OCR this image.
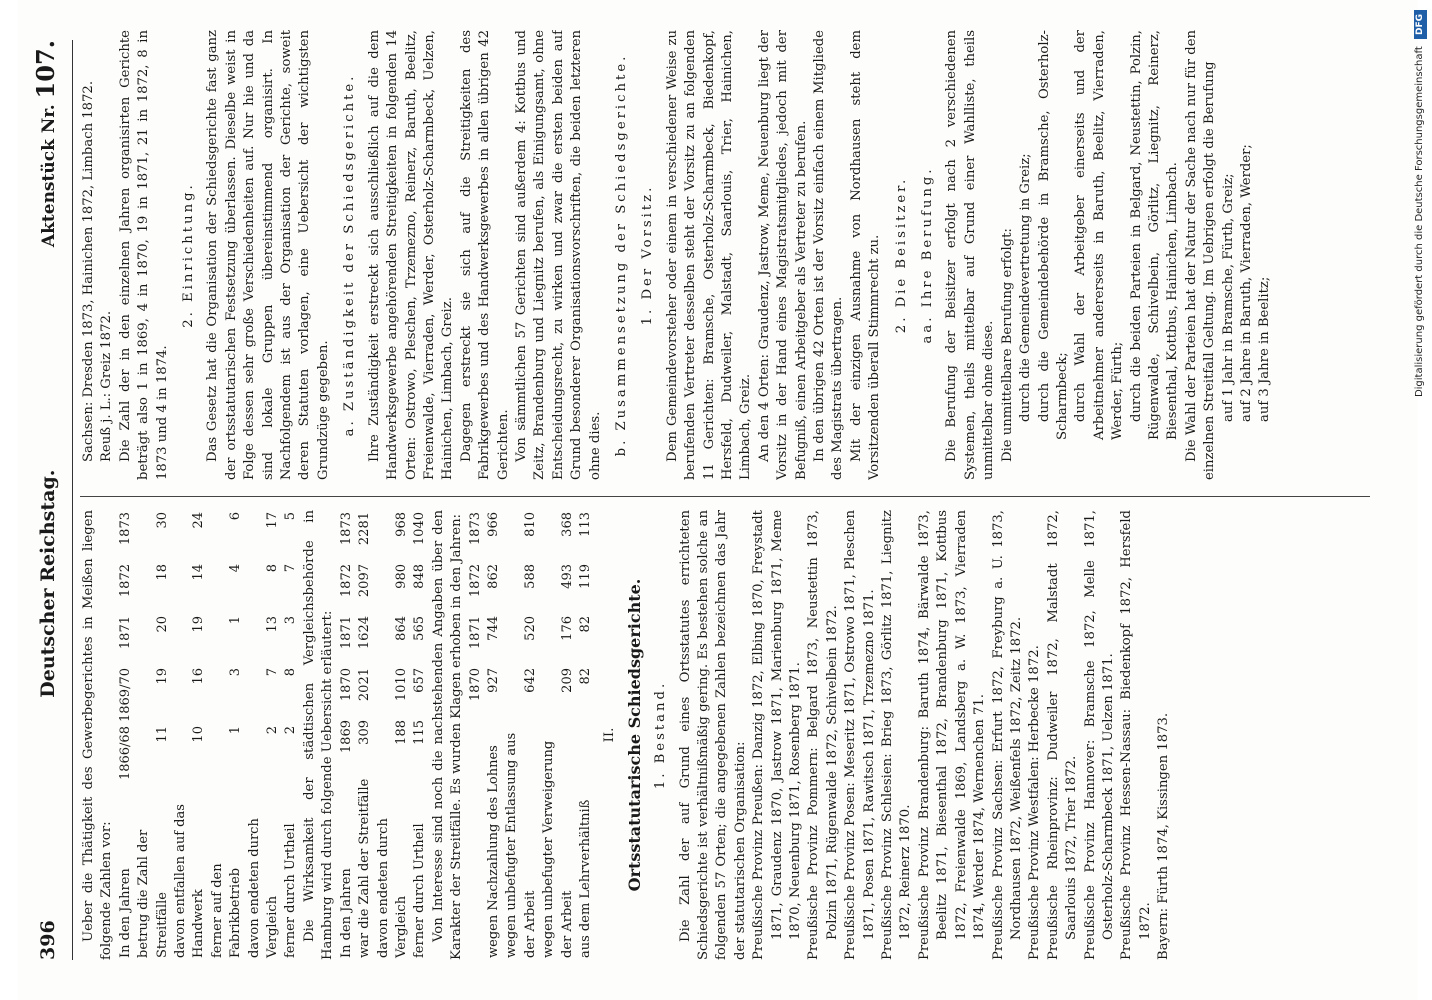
396
Deutscher Reichstag.
Aktenstück Nr. 107.

Ueber die Thätigkeit des Gewerbegerichtes in Meißen liegen folgende Zahlen vor: In den Jahren	1866/68	1869/70	1871	1872	1873
betrug die Zahl der Streitfälle	11	19	20	18	30
davon entfallen auf das Handwerk	10	16	19	14	24
ferner auf den Fabrikbetrieb	1	3	1	4	6
davon endeten durch Vergleich	2	7	13	8	17
ferner durch Urtheil	2	8	3	7	5 Die Wirksamkeit der städtischen Vergleichsbehörde in Hamburg wird durch folgende Uebersicht erläutert: In den Jahren	1869	1870	1871	1872	1873
war die Zahl der Streitfälle	309	2021	1624	2097	2281
davon endeten durch Vergleich	188	1010	864	980	968
ferner durch Urtheil	115	657	565	848	1040 Von Interesse sind noch die nachstehenden Angaben über den Karakter der Streitfälle. Es wurden Klagen erhoben in den Jahren:

	1870	1871	1872	1873
wegen Nachzahlung des Lohnes	927	744	862	966
wegen unbefugter Entlassung aus der Arbeit	642	520	588	810
wegen unbefugter Verweigerung der Arbeit	209	176	493	368
aus dem Lehrverhältniß	82	82	119	113
II. Ortsstatutarische Schiedsgerichte. 1. Bestand. Die Zahl der auf Grund eines Ortsstatutes errichteten Schiedsgerichte ist verhältnißmäßig gering. Es bestehen solche an folgenden 57 Orten; die angegebenen Zahlen bezeichnen das Jahr der statutarischen Organisation: Preußische Provinz Preußen: Danzig 1872, Elbing 1870, Freystadt 1871, Graudenz 1870, Jastrow 1871, Marienburg 1871, Meme 1870, Neuenburg 1871, Rosenberg 1871. Preußische Provinz Pommern: Belgard 1873, Neustettin 1873, Polzin 1871, Rügenwalde 1872, Schivelbein 1872. Preußische Provinz Posen: Meseritz 1871, Ostrowo 1871, Pleschen 1871, Posen 1871, Rawitsch 1871, Trzemezno 1871. Preußische Provinz Schlesien: Brieg 1873, Görlitz 1871, Liegnitz 1872, Reinerz 1870. Preußische Provinz Brandenburg: Baruth 1874, Bärwalde 1873, Beelitz 1871, Biesenthal 1872, Brandenburg 1871, Kottbus 1872, Freienwalde 1869, Landsberg a. W. 1873, Vierraden 1874, Werder 1874, Wernenchen 71. Preußische Provinz Sachsen: Erfurt 1872, Freyburg a. U. 1873, Nordhausen 1872, Weißenfels 1872, Zeitz 1872. Preußische Provinz Westfalen: Herbecke 1872. Preußische Rheinprovinz: Dudweiler 1872, Malstadt 1872, Saarlouis 1872, Trier 1872. Preußische Provinz Hannover: Bramsche 1872, Melle 1871, Osterholz-Scharmbeck 1871, Uelzen 1871. Preußische Provinz Hessen-Nassau: Biedenkopf 1872, Hersfeld 1872. Bayern: Fürth 1874, Kissingen 1873.

Sachsen: Dresden 1873, Hainichen 1872, Limbach 1872. Reuß j. L.: Greiz 1872. Die Zahl der in den einzelnen Jahren organisirten Gerichte beträgt also 1 in 1869, 4 in 1870, 19 in 1871, 21 in 1872, 8 in 1873 und 4 in 1874.

2. Einrichtung. Das Gesetz hat die Organisation der Schiedsgerichte fast ganz der ortsstatutarischen Festsetzung überlassen. Dieselbe weist in Folge dessen sehr große Verschiedenheiten auf. Nur hie und da sind lokale Gruppen übereinstimmend organisirt. In Nachfolgendem ist aus der Organisation der Gerichte, soweit deren Statuten vorlagen, eine Uebersicht der wichtigsten Grundzüge gegeben. a. Zuständigkeit der Schiedsgerichte. Ihre Zuständigkeit erstreckt sich ausschließlich auf die dem Handwerksgewerbe angehörenden Streitigkeiten in folgenden 14 Orten: Ostrowo, Pleschen, Trzemezno, Reinerz, Baruth, Beelitz, Freienwalde, Vierraden, Werder, Osterholz-Scharmbeck, Uelzen, Hainichen, Limbach, Greiz. Dagegen erstreckt sie sich auf die Streitigkeiten des Fabrikgewerbes und des Handwerksgewerbes in allen übrigen 42 Gerichten. Von sämmtlichen 57 Gerichten sind außerdem 4: Kottbus und Zeitz, Brandenburg und Liegnitz berufen, als Einigungsamt, ohne Entscheidungsrecht, zu wirken und zwar die ersten beiden auf Grund besonderer Organisationsvorschriften, die beiden letzteren ohne dies. b. Zusammensetzung der Schiedsgerichte. 1. Der Vorsitz. Dem Gemeindevorsteher oder einem in verschiedener Weise zu berufenden Vertreter desselben steht der Vorsitz zu an folgenden 11 Gerichten: Bramsche, Osterholz-Scharmbeck, Biedenkopf, Hersfeld, Dudweiler, Malstadt, Saarlouis, Trier, Hainichen, Limbach, Greiz. An den 4 Orten: Graudenz, Jastrow, Meme, Neuenburg liegt der Vorsitz in der Hand eines Magistratsmitgliedes, jedoch mit der Befugniß, einen Arbeitgeber als Vertreter zu berufen. In den übrigen 42 Orten ist der Vorsitz einfach einem Mitgliede des Magistrats übertragen. Mit der einzigen Ausnahme von Nordhausen steht dem Vorsitzenden überall Stimmrecht zu. 2. Die Beisitzer. aa. Ihre Berufung. Die Berufung der Beisitzer erfolgt nach 2 verschiedenen Systemen, theils mittelbar auf Grund einer Wahlliste, theils unmittelbar ohne diese. Die unmittelbare Berufung erfolgt: durch die Gemeindevertretung in Greiz; durch die Gemeindebehörde in Bramsche, Osterholz-Scharmbeck; durch Wahl der Arbeitgeber einerseits und der Arbeitnehmer andererseits in Baruth, Beelitz, Vierraden, Werder, Fürth; durch die beiden Parteien in Belgard, Neustettin, Polzin, Rügenwalde, Schivelbein, Görlitz, Liegnitz, Reinerz, Biesenthal, Kottbus, Hainichen, Limbach. Die Wahl der Parteien hat der Natur der Sache nach nur für den einzelnen Streitfall Geltung. Im Uebrigen erfolgt die Berufung auf 1 Jahr in Bramsche, Fürth, Greiz; auf 2 Jahre in Baruth, Vierraden, Werder; auf 3 Jahre in Beelitz;	Digitalisierung gefördert durch die Deutsche Forschungsgemeinschaft DFG
